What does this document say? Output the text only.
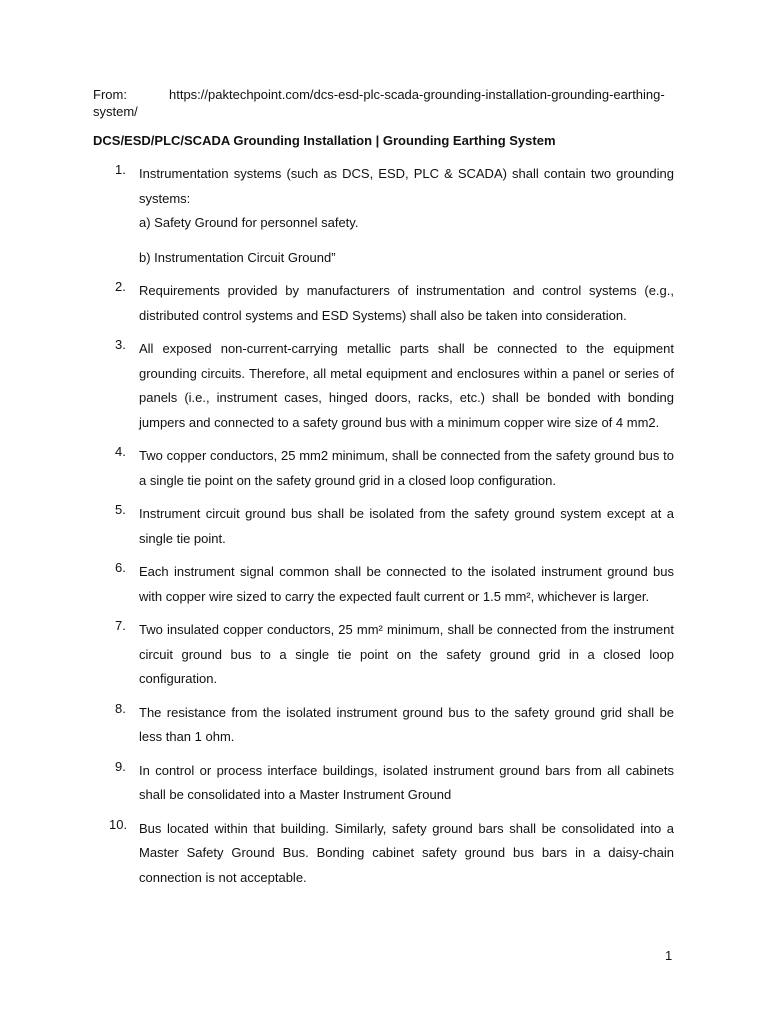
From:	https://paktechpoint.com/dcs-esd-plc-scada-grounding-installation-grounding-earthing-system/

DCS/ESD/PLC/SCADA Grounding Installation | Grounding Earthing System
1.	Instrumentation systems (such as DCS, ESD, PLC & SCADA) shall contain two grounding systems:

a) Safety Ground for personnel safety.

b) Instrumentation Circuit Ground”

2.	Requirements provided by manufacturers of instrumentation and control systems (e.g., distributed control systems and ESD Systems) shall also be taken into consideration.

3.	All exposed non-current-carrying metallic parts shall be connected to the equipment grounding circuits. Therefore, all metal equipment and enclosures within a panel or series of panels (i.e., instrument cases, hinged doors, racks, etc.) shall be bonded with bonding jumpers and connected to a safety ground bus with a minimum copper wire size of 4 mm2.

4.	Two copper conductors, 25 mm2 minimum, shall be connected from the safety ground bus to a single tie point on the safety ground grid in a closed loop configuration.

5.	Instrument circuit ground bus shall be isolated from the safety ground system except at a single tie point.

6.	Each instrument signal common shall be connected to the isolated instrument ground bus with copper wire sized to carry the expected fault current or 1.5 mm², whichever is larger.

7.	Two insulated copper conductors, 25 mm² minimum, shall be connected from the instrument circuit ground bus to a single tie point on the safety ground grid in a closed loop configuration.

8.	The resistance from the isolated instrument ground bus to the safety ground grid shall be less than 1 ohm.

9.	In control or process interface buildings, isolated instrument ground bars from all cabinets shall be consolidated into a Master Instrument Ground

10. Bus located within that building. Similarly, safety ground bars shall be consolidated into a Master Safety Ground Bus. Bonding cabinet safety ground bus bars in a daisy-chain connection is not acceptable.

1
